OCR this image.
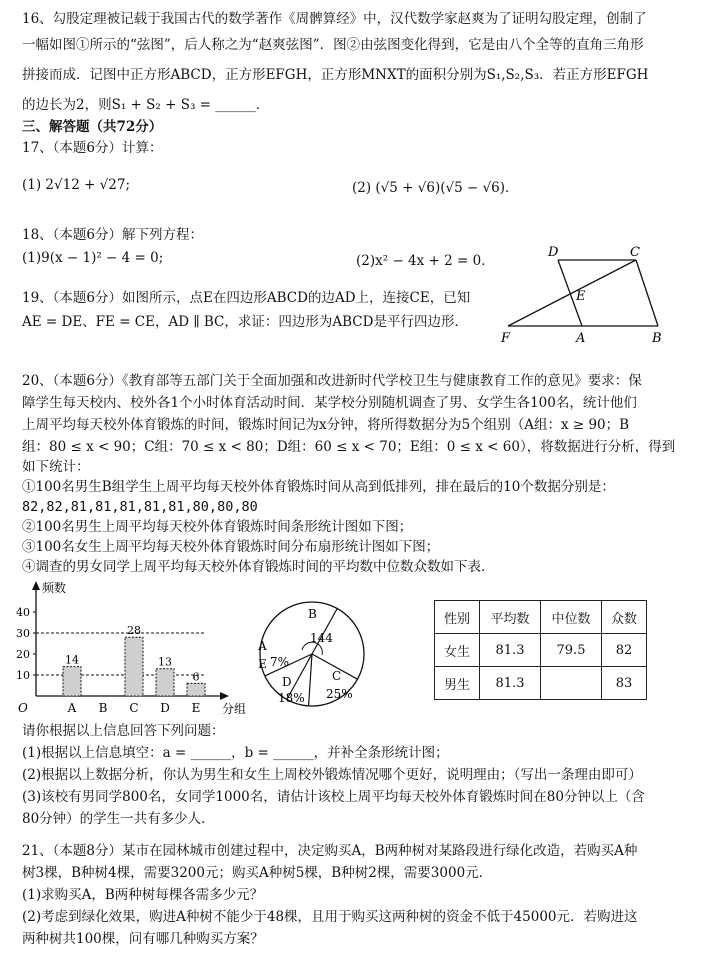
16、勾股定理被记载于我国古代的数学著作《周髀算经》中，汉代数学家赵爽为了证明勾股定理，创制了
一幅如图①所示的“弦图”，后人称之为“赵爽弦图”．图②由弦图变化得到，它是由八个全等的直角三角形
拼接而成．记图中正方形ABCD，正方形EFGH，正方形MNXT的面积分别为S₁,S₂,S₃．若正方形EFGH
的边长为2，则S₁ + S₂ + S₃ = ______．
三、解答题（共72分）
17、（本题6分）计算：
(1) 2√12 + √27;	(2) (√5 + √6)(√5 − √6)．
18、（本题6分）解下列方程：
(1)9(x − 1)² − 4 = 0;	(2)x² − 4x + 2 = 0．
19、（本题6分）如图所示，点E在四边形ABCD的边AD上，连接CE，已知
AE = DE、FE = CE，AD ∥ BC，求证：四边形为ABCD是平行四边形．
D	C
E
F	A	B
20、（本题6分）《教育部等五部门关于全面加强和改进新时代学校卫生与健康教育工作的意见》要求：保
障学生每天校内、校外各1个小时体育活动时间．某学校分别随机调查了男、女学生各100名，统计他们
上周平均每天校外体育锻炼的时间，锻炼时间记为x分钟，将所得数据分为5个组别（A组：x ≥ 90；B
组：80 ≤ x < 90；C组：70 ≤ x < 80；D组：60 ≤ x < 70；E组：0 ≤ x < 60），将数据进行分析，得到
如下统计：
①100名男生B组学生上周平均每天校外体育锻炼时间从高到低排列，排在最后的10个数据分别是：
82,82,81,81,81,81,81,80,80,80
②100名男生上周平均每天校外体育锻炼时间条形统计图如下图；
③100名女生上周平均每天校外体育锻炼时间分布扇形统计图如下图；
④调查的男女同学上周平均每天校外体育锻炼时间的平均数中位数众数如下表．
频数
分组
O
10
20
30
40
14
A B
28
C
13
D
6
E
B
144
A
E 7%
D
18%
C
25%
性别	平均数	中位数	众数
女生	81.3	79.5	82
男生	81.3		83
请你根据以上信息回答下列问题：
(1)根据以上信息填空：a = ______，b = ______，并补全条形统计图；
(2)根据以上数据分析，你认为男生和女生上周校外锻炼情况哪个更好，说明理由；（写出一条理由即可）
(3)该校有男同学800名，女同学1000名，请估计该校上周平均每天校外体育锻炼时间在80分钟以上（含
80分钟）的学生一共有多少人．
21、（本题8分）某市在园林城市创建过程中，决定购买A，B两种树对某路段进行绿化改造，若购买A种
树3棵，B种树4棵，需要3200元；购买A种树5棵，B种树2棵，需要3000元．
(1)求购买A，B两种树每棵各需多少元？
(2)考虑到绿化效果，购进A种树不能少于48棵，且用于购买这两种树的资金不低于45000元．若购进这
两种树共100棵，问有哪几种购买方案？
